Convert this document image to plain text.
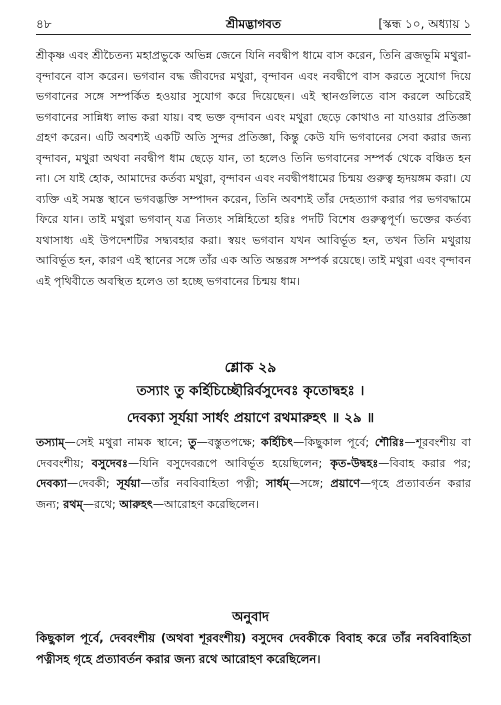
৪৮	শ্রীমদ্ভাগবত	[স্কন্ধ ১০, অধ্যায় ১
শ্রীকৃষ্ণ এবং শ্রীচৈতন্য মহাপ্রভুকে অভিন্ন জেনে যিনি নবদ্বীপ ধামে বাস করেন, তিনি ব্রজভূমি মথুরা-বৃন্দাবনে বাস করেন। ভগবান বদ্ধ জীবদের মথুরা, বৃন্দাবন এবং নবদ্বীপে বাস করতে সুযোগ দিয়ে ভগবানের সঙ্গে সম্পর্কিত হওয়ার সুযোগ করে দিয়েছেন। এই স্থানগুলিতে বাস করলে অচিরেই ভগবানের সান্নিধ্য লাভ করা যায়। বহু ভক্ত বৃন্দাবন এবং মথুরা ছেড়ে কোথাও না যাওয়ার প্রতিজ্ঞা গ্রহণ করেন। এটি অবশ্যই একটি অতি সুন্দর প্রতিজ্ঞা, কিন্তু কেউ যদি ভগবানের সেবা করার জন্য বৃন্দাবন, মথুরা অথবা নবদ্বীপ ধাম ছেড়ে যান, তা হলেও তিনি ভগবানের সম্পর্ক থেকে বঞ্চিত হন না। সে যাই হোক, আমাদের কর্তব্য মথুরা, বৃন্দাবন এবং নবদ্বীপধামের চিন্ময় গুরুত্ব হৃদয়ঙ্গম করা। যে ব্যক্তি এই সমস্ত স্থানে ভগবদ্ভক্তি সম্পাদন করেন, তিনি অবশ্যই তাঁর দেহত্যাগ করার পর ভগবদ্ধামে ফিরে যান। তাই মথুরা ভগবান্ যত্র নিত্যং সন্নিহিতো হরিঃ পদটি বিশেষ গুরুত্বপূর্ণ। ভক্তের কর্তব্য যথাসাধ্য এই উপদেশটির সদ্ব্যবহার করা। স্বয়ং ভগবান যখন আবির্ভূত হন, তখন তিনি মথুরায় আবির্ভূত হন, কারণ এই স্থানের সঙ্গে তাঁর এক অতি অন্তরঙ্গ সম্পর্ক রয়েছে। তাই মথুরা এবং বৃন্দাবন এই পৃথিবীতে অবস্থিত হলেও তা হচ্ছে ভগবানের চিন্ময় ধাম।
শ্লোক ২৯
তস্যাং তু কর্হিচিচ্ছৌরির্বসুদেবঃ কৃতোদ্বহঃ ।
দেবক্যা সূর্যয়া সার্ধং প্রয়াণে রথমারুহৎ ॥ ২৯ ॥
তস্যাম্—সেই মথুরা নামক স্থানে; তু—বস্তুতপক্ষে; কর্হিচিৎ—কিছুকাল পূর্বে; শৌরিঃ—শূরবংশীয় বা দেববংশীয়; বসুদেবঃ—যিনি বসুদেবরূপে আবির্ভূত হয়েছিলেন; কৃত-উদ্বহঃ—বিবাহ করার পর; দেবক্যা—দেবকী; সূর্যয়া—তাঁর নববিবাহিতা পত্নী; সার্ধম্—সঙ্গে; প্রয়াণে—গৃহে প্রত্যাবর্তন করার জন্য; রথম্—রথে; আরুহৎ—আরোহণ করেছিলেন।
অনুবাদ
কিছুকাল পূর্বে, দেববংশীয় (অথবা শূরবংশীয়) বসুদেব দেবকীকে বিবাহ করে তাঁর নববিবাহিতা পত্নীসহ গৃহে প্রত্যাবর্তন করার জন্য রথে আরোহণ করেছিলেন।
